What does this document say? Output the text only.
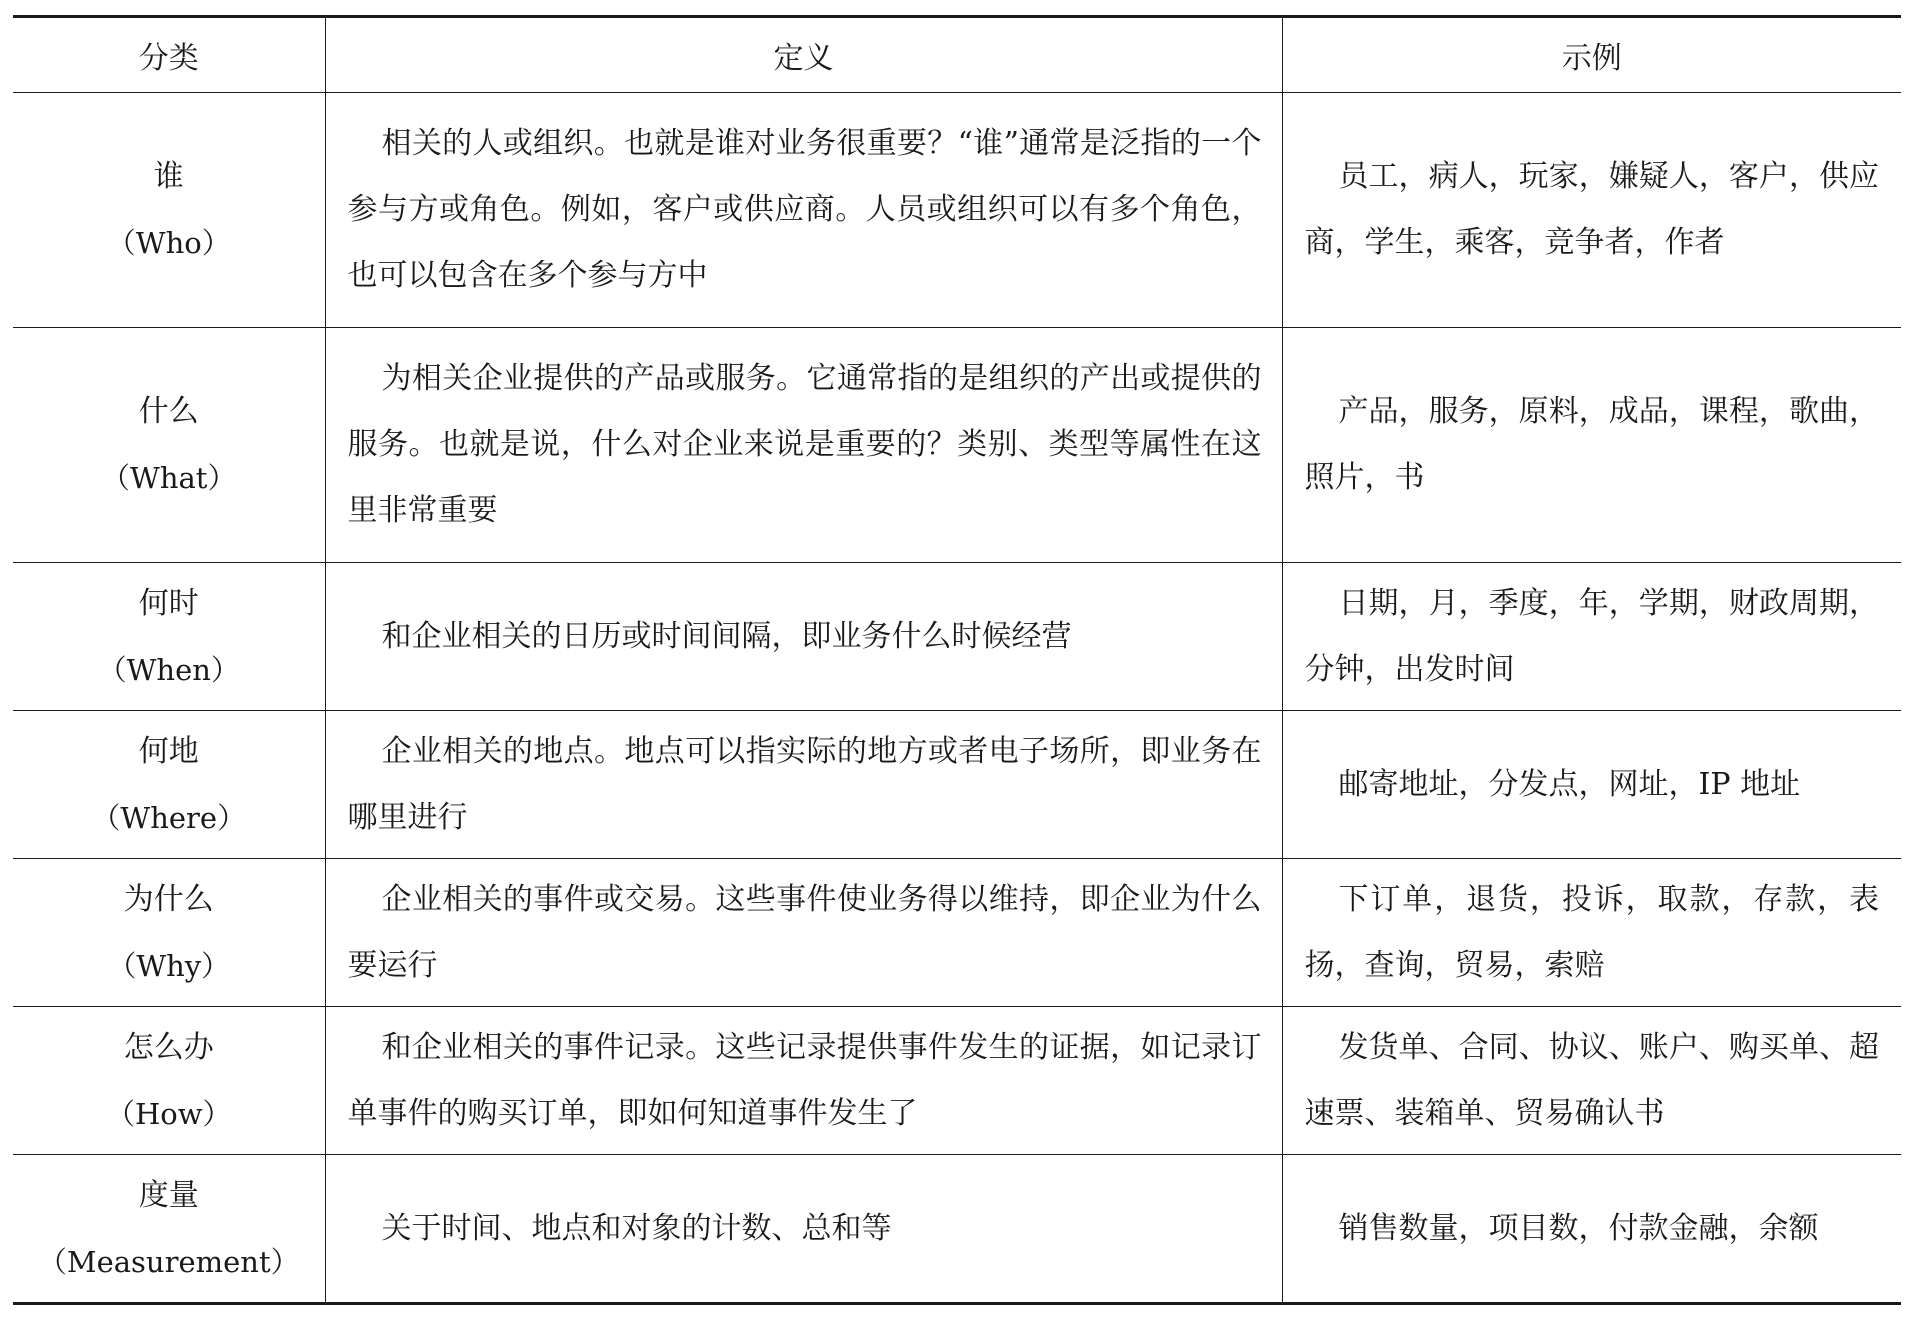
分类	定义	示例

谁
（Who）	相关的人或组织。也就是谁对业务很重要？“谁”通常是泛指的一个参与方或角色。例如，客户或供应商。人员或组织可以有多个角色，也可以包含在多个参与方中	员工，病人，玩家，嫌疑人，客户，供应商，学生，乘客，竞争者，作者

什么
（What）	为相关企业提供的产品或服务。它通常指的是组织的产出或提供的服务。也就是说，什么对企业来说是重要的？类别、类型等属性在这里非常重要	产品，服务，原料，成品，课程，歌曲，照片，书

何时
（When）	和企业相关的日历或时间间隔，即业务什么时候经营	日期，月，季度，年，学期，财政周期，分钟，出发时间

何地
（Where）	企业相关的地点。地点可以指实际的地方或者电子场所，即业务在哪里进行	邮寄地址，分发点，网址，IP 地址

为什么
（Why）	企业相关的事件或交易。这些事件使业务得以维持，即企业为什么要运行	下订单，退货，投诉，取款，存款，表扬，查询，贸易，索赔

怎么办
（How）	和企业相关的事件记录。这些记录提供事件发生的证据，如记录订单事件的购买订单，即如何知道事件发生了	发货单、合同、协议、账户、购买单、超速票、装箱单、贸易确认书

度量
（Measurement）	关于时间、地点和对象的计数、总和等	销售数量，项目数，付款金融，余额
